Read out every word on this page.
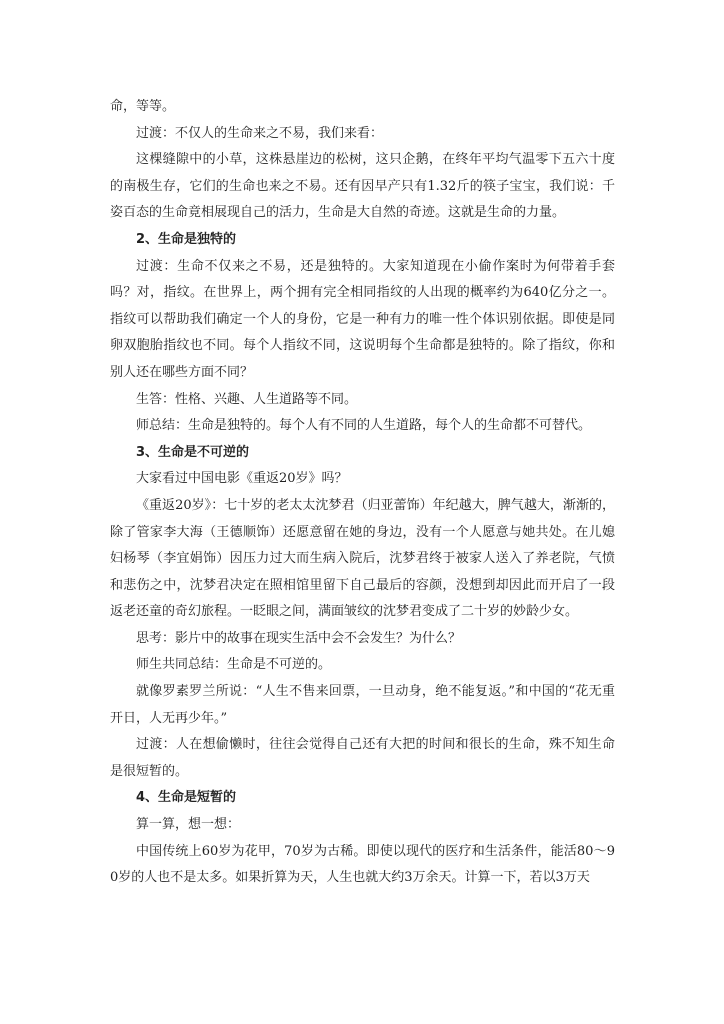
命，等等。

过渡：不仅人的生命来之不易，我们来看：

这棵缝隙中的小草，这株悬崖边的松树，这只企鹅，在终年平均气温零下五六十度的南极生存，它们的生命也来之不易。还有因早产只有1.32斤的筷子宝宝，我们说：千姿百态的生命竟相展现自己的活力，生命是大自然的奇迹。这就是生命的力量。

2、生命是独特的

过渡：生命不仅来之不易，还是独特的。大家知道现在小偷作案时为何带着手套吗？对，指纹。在世界上，两个拥有完全相同指纹的人出现的概率约为640亿分之一。指纹可以帮助我们确定一个人的身份，它是一种有力的唯一性个体识别依据。即使是同卵双胞胎指纹也不同。每个人指纹不同，这说明每个生命都是独特的。除了指纹，你和别人还在哪些方面不同？

生答：性格、兴趣、人生道路等不同。

师总结：生命是独特的。每个人有不同的人生道路，每个人的生命都不可替代。

3、生命是不可逆的

大家看过中国电影《重返20岁》吗？

《重返20岁》：七十岁的老太太沈梦君（归亚蕾饰）年纪越大，脾气越大，渐渐的，除了管家李大海（王德顺饰）还愿意留在她的身边，没有一个人愿意与她共处。在儿媳妇杨琴（李宜娟饰）因压力过大而生病入院后，沈梦君终于被家人送入了养老院，气愤和悲伤之中，沈梦君决定在照相馆里留下自己最后的容颜，没想到却因此而开启了一段返老还童的奇幻旅程。一眨眼之间，满面皱纹的沈梦君变成了二十岁的妙龄少女。

思考：影片中的故事在现实生活中会不会发生？为什么？

师生共同总结：生命是不可逆的。

就像罗素罗兰所说：“人生不售来回票，一旦动身，绝不能复返。”和中国的“花无重开日，人无再少年。”

过渡：人在想偷懒时，往往会觉得自己还有大把的时间和很长的生命，殊不知生命是很短暂的。

4、生命是短暂的

算一算，想一想：

中国传统上60岁为花甲，70岁为古稀。即使以现代的医疗和生活条件，能活80～90岁的人也不是太多。如果折算为天，人生也就大约3万余天。计算一下，若以3万天
